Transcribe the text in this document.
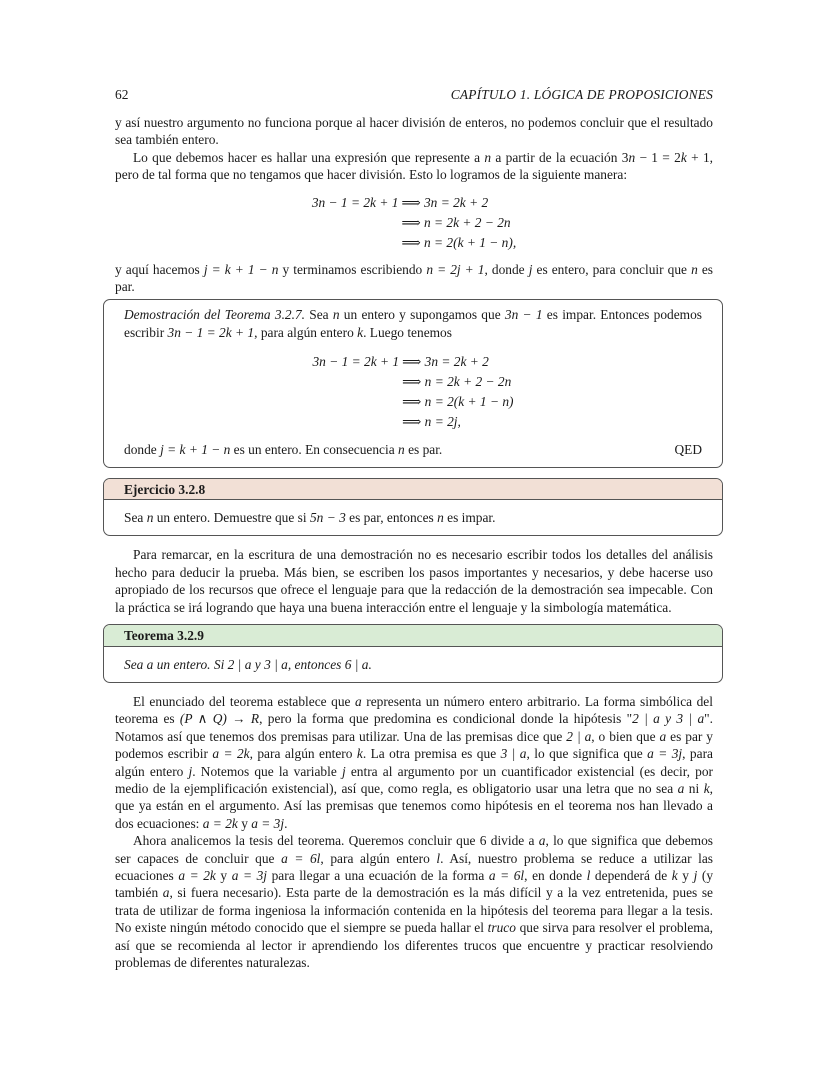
62	CAPÍTULO 1. LÓGICA DE PROPOSICIONES

y así nuestro argumento no funciona porque al hacer división de enteros, no podemos concluir que el resultado sea también entero.

Lo que debemos hacer es hallar una expresión que represente a n a partir de la ecuación 3n − 1 = 2k + 1, pero de tal forma que no tengamos que hacer división. Esto lo logramos de la siguiente manera:

3n − 1 = 2k + 1 ⟹ 3n = 2k + 2
⟹ n = 2k + 2 − 2n
⟹ n = 2(k + 1 − n),

y aquí hacemos j = k + 1 − n y terminamos escribiendo n = 2j + 1, donde j es entero, para concluir que n es par.

Demostración del Teorema 3.2.7. Sea n un entero y supongamos que 3n − 1 es impar. Entonces podemos escribir 3n − 1 = 2k + 1, para algún entero k. Luego tenemos

3n − 1 = 2k + 1 ⟹ 3n = 2k + 2
⟹ n = 2k + 2 − 2n
⟹ n = 2(k + 1 − n)
⟹ n = 2j,
donde j = k + 1 − n es un entero. En consecuencia n es par.	QED
Ejercicio 3.2.8
Sea n un entero. Demuestre que si 5n − 3 es par, entonces n es impar.

Para remarcar, en la escritura de una demostración no es necesario escribir todos los detalles del análisis hecho para deducir la prueba. Más bien, se escriben los pasos importantes y necesarios, y debe hacerse uso apropiado de los recursos que ofrece el lenguaje para que la redacción de la demostración sea impecable. Con la práctica se irá logrando que haya una buena interacción entre el lenguaje y la simbología matemática.

Teorema 3.2.9
Sea a un entero. Si 2 | a y 3 | a, entonces 6 | a.

El enunciado del teorema establece que a representa un número entero arbitrario. La forma simbólica del teorema es (P ∧ Q) → R, pero la forma que predomina es condicional donde la hipótesis "2 | a y 3 | a". Notamos así que tenemos dos premisas para utilizar. Una de las premisas dice que 2 | a, o bien que a es par y podemos escribir a = 2k, para algún entero k. La otra premisa es que 3 | a, lo que significa que a = 3j, para algún entero j. Notemos que la variable j entra al argumento por un cuantificador existencial (es decir, por medio de la ejemplificación existencial), así que, como regla, es obligatorio usar una letra que no sea a ni k, que ya están en el argumento. Así las premisas que tenemos como hipótesis en el teorema nos han llevado a dos ecuaciones: a = 2k y a = 3j.

Ahora analicemos la tesis del teorema. Queremos concluir que 6 divide a a, lo que significa que debemos ser capaces de concluir que a = 6l, para algún entero l. Así, nuestro problema se reduce a utilizar las ecuaciones a = 2k y a = 3j para llegar a una ecuación de la forma a = 6l, en donde l dependerá de k y j (y también a, si fuera necesario). Esta parte de la demostración es la más difícil y a la vez entretenida, pues se trata de utilizar de forma ingeniosa la información contenida en la hipótesis del teorema para llegar a la tesis. No existe ningún método conocido que el siempre se pueda hallar el truco que sirva para resolver el problema, así que se recomienda al lector ir aprendiendo los diferentes trucos que encuentre y practicar resolviendo problemas de diferentes naturalezas.
